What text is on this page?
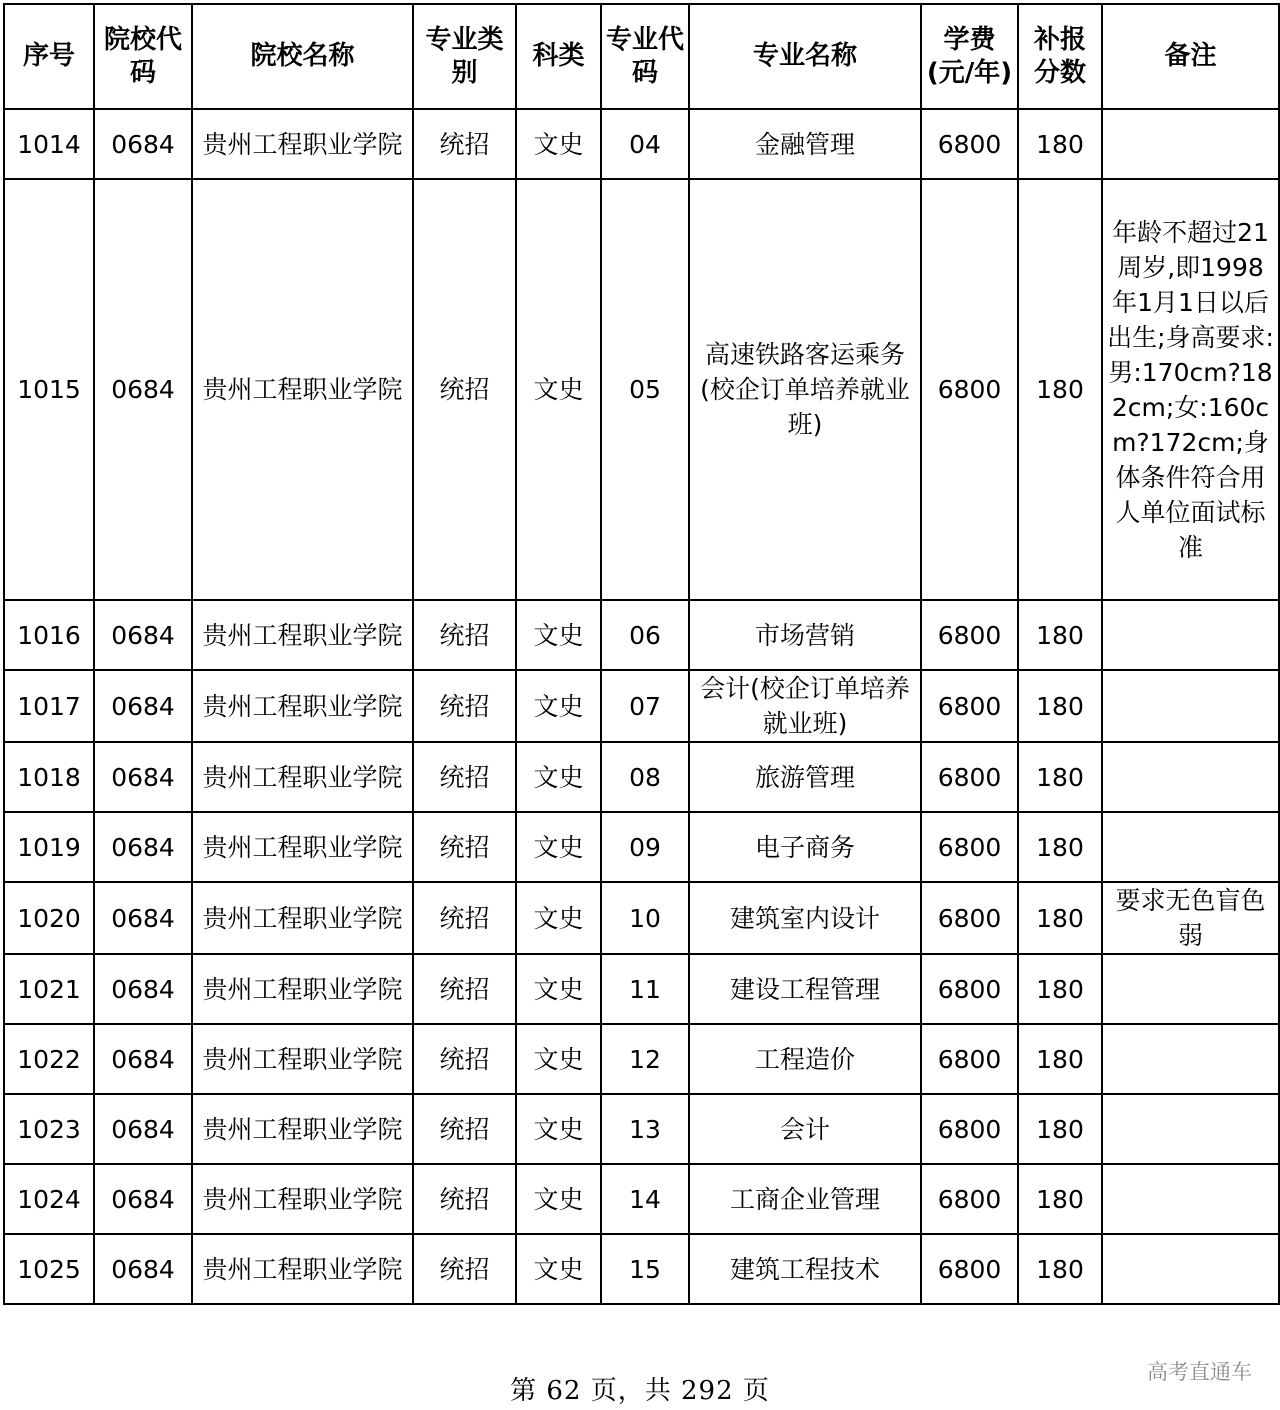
序号	院校代码	院校名称	专业类别	科类	专业代码	专业名称	学费(元/年)	补报分数	备注
1014	0684	贵州工程职业学院	统招	文史	04	金融管理	6800	180	
1015	0684	贵州工程职业学院	统招	文史	05	高速铁路客运乘务(校企订单培养就业班)	6800	180	年龄不超过21周岁,即1998年1月1日以后出生;身高要求:男:170cm?182cm;女:160cm?172cm;身体条件符合用人单位面试标准
1016	0684	贵州工程职业学院	统招	文史	06	市场营销	6800	180	
1017	0684	贵州工程职业学院	统招	文史	07	会计(校企订单培养就业班)	6800	180	
1018	0684	贵州工程职业学院	统招	文史	08	旅游管理	6800	180	
1019	0684	贵州工程职业学院	统招	文史	09	电子商务	6800	180	
1020	0684	贵州工程职业学院	统招	文史	10	建筑室内设计	6800	180	要求无色盲色弱
1021	0684	贵州工程职业学院	统招	文史	11	建设工程管理	6800	180	
1022	0684	贵州工程职业学院	统招	文史	12	工程造价	6800	180	
1023	0684	贵州工程职业学院	统招	文史	13	会计	6800	180	
1024	0684	贵州工程职业学院	统招	文史	14	工商企业管理	6800	180	
1025	0684	贵州工程职业学院	统招	文史	15	建筑工程技术	6800	180	
第 62 页，共 292 页
高考直通车
